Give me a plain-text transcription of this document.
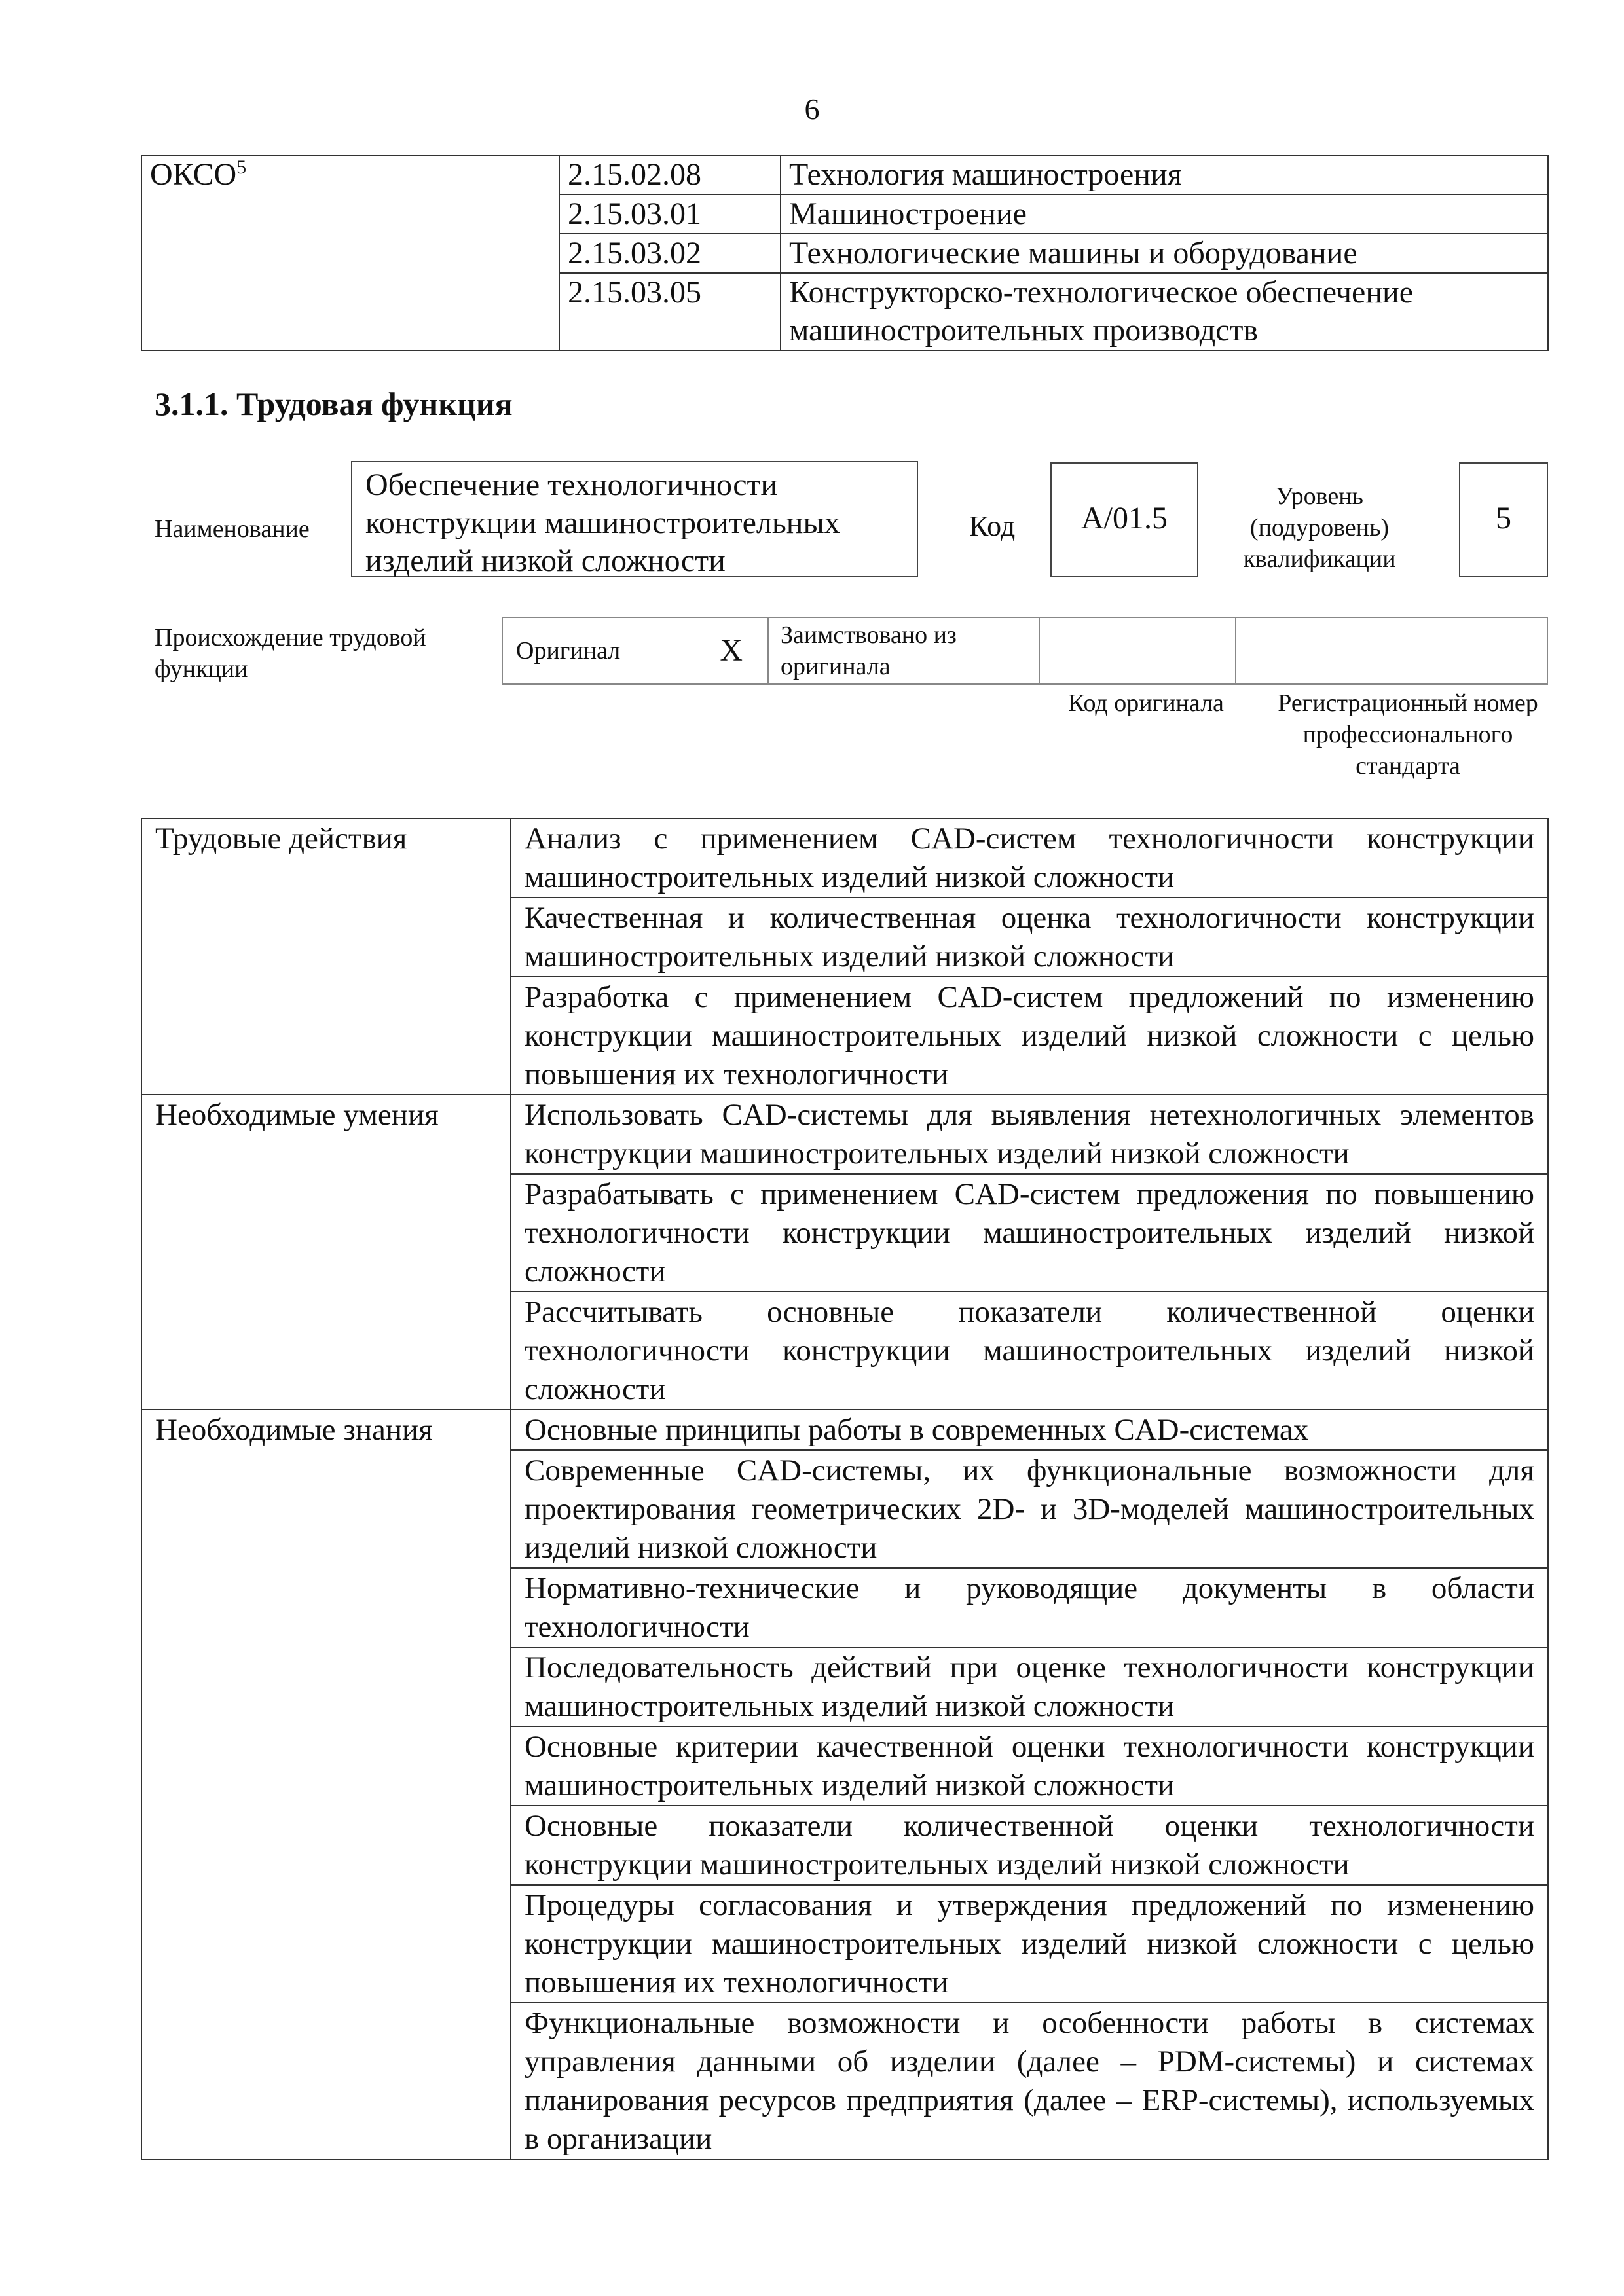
6
ОКСО$^5$	2.15.02.08	Технология машиностроения
	2.15.03.01	Машиностроение
	2.15.03.02	Технологические машины и оборудование
	2.15.03.05	Конструкторско-технологическое обеспечение машиностроительных производств
3.1.1. Трудовая функция
Наименование
Обеспечение технологичности конструкции машиностроительных изделий низкой сложности
Код	A/01.5
Уровень (подуровень) квалификации
5
Происхождение трудовой функции
Оригинал	X	Заимствовано из оригинала		
Код оригинала	Регистрационный номер профессионального стандарта
Трудовые действия	Анализ с применением CAD-систем технологичности конструкции машиностроительных изделий низкой сложности
	Качественная и количественная оценка технологичности конструкции машиностроительных изделий низкой сложности
	Разработка с применением CAD-систем предложений по изменению конструкции машиностроительных изделий низкой сложности с целью повышения их технологичности
Необходимые умения	Использовать CAD-системы для выявления нетехнологичных элементов конструкции машиностроительных изделий низкой сложности
	Разрабатывать с применением CAD-систем предложения по повышению технологичности конструкции машиностроительных изделий низкой сложности
	Рассчитывать основные показатели количественной оценки технологичности конструкции машиностроительных изделий низкой сложности
Необходимые знания	Основные принципы работы в современных CAD-системах
	Современные CAD-системы, их функциональные возможности для проектирования геометрических 2D- и 3D-моделей машиностроительных изделий низкой сложности
	Нормативно-технические и руководящие документы в области технологичности
	Последовательность действий при оценке технологичности конструкции машиностроительных изделий низкой сложности
	Основные критерии качественной оценки технологичности конструкции машиностроительных изделий низкой сложности
	Основные показатели количественной оценки технологичности конструкции машиностроительных изделий низкой сложности
	Процедуры согласования и утверждения предложений по изменению конструкции машиностроительных изделий низкой сложности с целью повышения их технологичности
	Функциональные возможности и особенности работы в системах управления данными об изделии (далее – PDM-системы) и системах планирования ресурсов предприятия (далее – ERP-системы), используемых в организации
